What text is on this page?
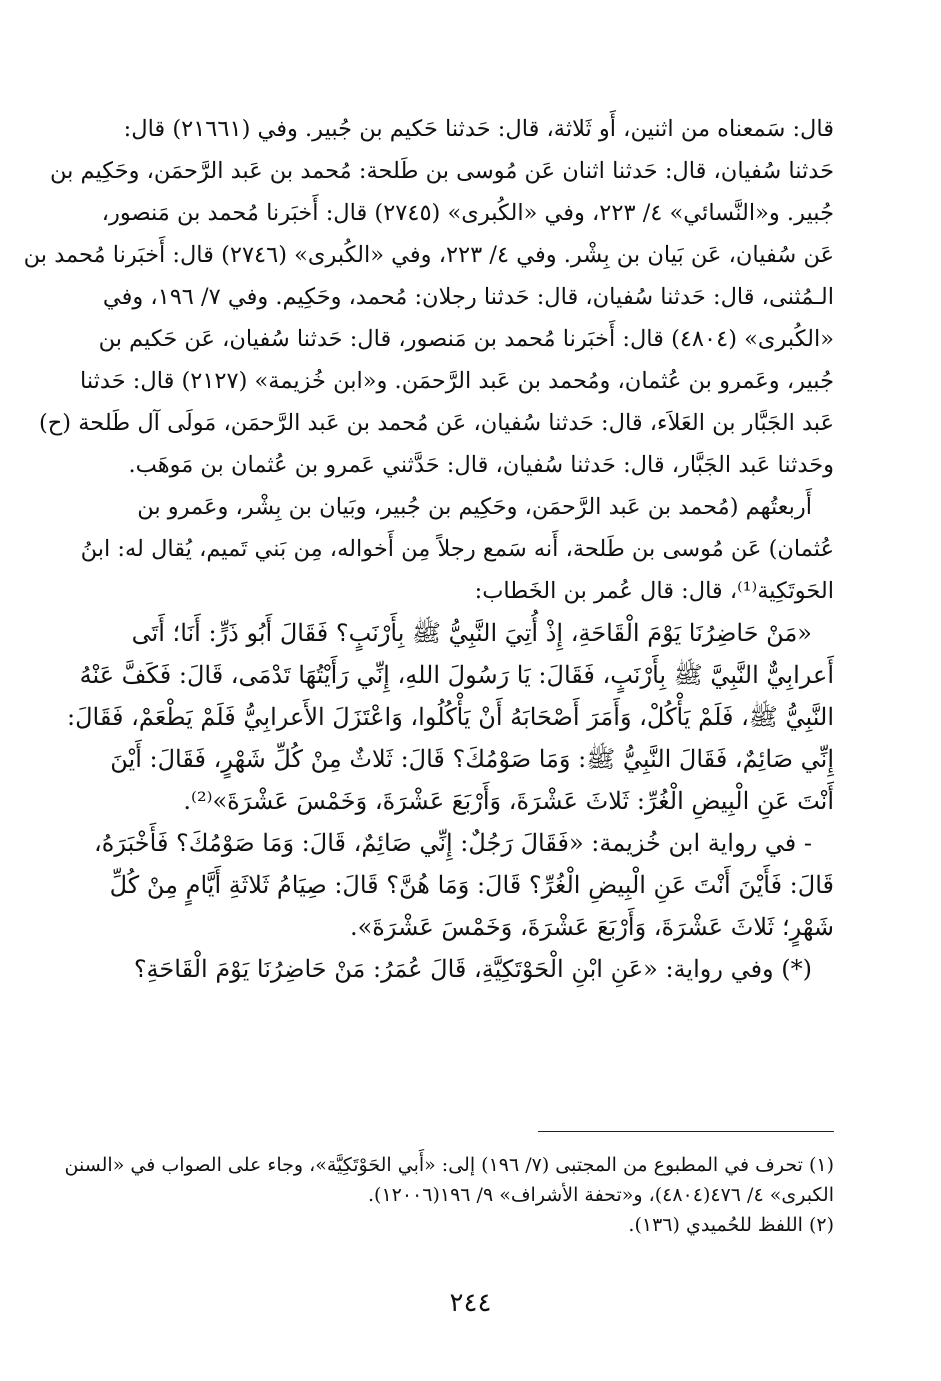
قال: سَمعناه من اثنين، أَو ثَلاثة، قال: حَدثنا حَكيم بن جُبير. وفي (٢١٦٦١) قال:
حَدثنا سُفيان، قال: حَدثنا اثنان عَن مُوسى بن طَلحة: مُحمد بن عَبد الرَّحمَن، وحَكِيم بن
جُبير. و«النَّسائي» ٤/ ٢٢٣، وفي «الكُبرى» (٢٧٤٥) قال: أَخبَرنا مُحمد بن مَنصور،
عَن سُفيان، عَن بَيان بن بِشْر. وفي ٤/ ٢٢٣، وفي «الكُبرى» (٢٧٤٦) قال: أَخبَرنا مُحمد بن
الـمُثنى، قال: حَدثنا سُفيان، قال: حَدثنا رجلان: مُحمد، وحَكِيم. وفي ٧/ ١٩٦، وفي
«الكُبرى» (٤٨٠٤) قال: أَخبَرنا مُحمد بن مَنصور، قال: حَدثنا سُفيان، عَن حَكيم بن
جُبير، وعَمرو بن عُثمان، ومُحمد بن عَبد الرَّحمَن. و«ابن خُزيمة» (٢١٢٧) قال: حَدثنا
عَبد الجَبَّار بن العَلاَء، قال: حَدثنا سُفيان، عَن مُحمد بن عَبد الرَّحمَن، مَولَى آل طَلحة (ح)
وحَدثنا عَبد الجَبَّار، قال: حَدثنا سُفيان، قال: حَدَّثني عَمرو بن عُثمان بن مَوهَب.
أَربعتُهم (مُحمد بن عَبد الرَّحمَن، وحَكِيم بن جُبير، وبَيان بن بِشْر، وعَمرو بن
عُثمان) عَن مُوسى بن طَلحة، أَنه سَمع رجلاً مِن أَخواله، مِن بَني تَميم، يُقال له: ابنُ
الحَوتَكِية⁽¹⁾، قال: قال عُمر بن الخَطاب:
«مَنْ حَاضِرُنَا يَوْمَ الْقَاحَةِ، إِذْ أُتِيَ النَّبِيُّ ﷺ بِأَرْنَبٍ؟ فَقَالَ أَبُو ذَرٍّ: أَنَا؛ أَتَى
أَعرابِيٌّ النَّبِيَّ ﷺ بِأَرْنَبٍ، فَقَالَ: يَا رَسُولَ اللهِ، إِنِّي رَأَيْتُهَا تَدْمَى، قَالَ: فَكَفَّ عَنْهُ
النَّبِيُّ ﷺ، فَلَمْ يَأْكُلْ، وَأَمَرَ أَصْحَابَهُ أَنْ يَأْكُلُوا، وَاعْتَزَلَ الأَعرابِيُّ فَلَمْ يَطْعَمْ، فَقَالَ:
إِنِّي صَائِمٌ، فَقَالَ النَّبِيُّ ﷺ: وَمَا صَوْمُكَ؟ قَالَ: ثَلاثٌ مِنْ كُلِّ شَهْرٍ، فَقَالَ: أَيْنَ
أَنْتَ عَنِ الْبِيضِ الْغُرِّ: ثَلاثَ عَشْرَةَ، وَأَرْبَعَ عَشْرَةَ، وَخَمْسَ عَشْرَةَ»⁽²⁾.
- في رواية ابن خُزيمة: «فَقَالَ رَجُلٌ: إِنِّي صَائِمٌ، قَالَ: وَمَا صَوْمُكَ؟ فَأَخْبَرَهُ،
قَالَ: فَأَيْنَ أَنْتَ عَنِ الْبِيضِ الْغُرِّ؟ قَالَ: وَمَا هُنَّ؟ قَالَ: صِيَامُ ثَلاثَةِ أَيَّامٍ مِنْ كُلِّ
شَهْرٍ؛ ثَلاثَ عَشْرَةَ، وَأَرْبَعَ عَشْرَةَ، وَخَمْسَ عَشْرَةَ».
(*) وفي رواية: «عَنِ ابْنِ الْحَوْتَكِيَّةِ، قَالَ عُمَرُ: مَنْ حَاضِرُنَا يَوْمَ الْقَاحَةِ؟
(١) تحرف في المطبوع من المجتبى (٧/ ١٩٦) إلى: «أَبي الحَوْتَكِيَّة»، وجاء على الصواب في «السنن
الكبرى» ٤/ ٤٧٦(٤٨٠٤)، و«تحفة الأشراف» ٩/ ١٩٦(١٢٠٠٦).
(٢) اللفظ للحُميدي (١٣٦).
٢٤٤
